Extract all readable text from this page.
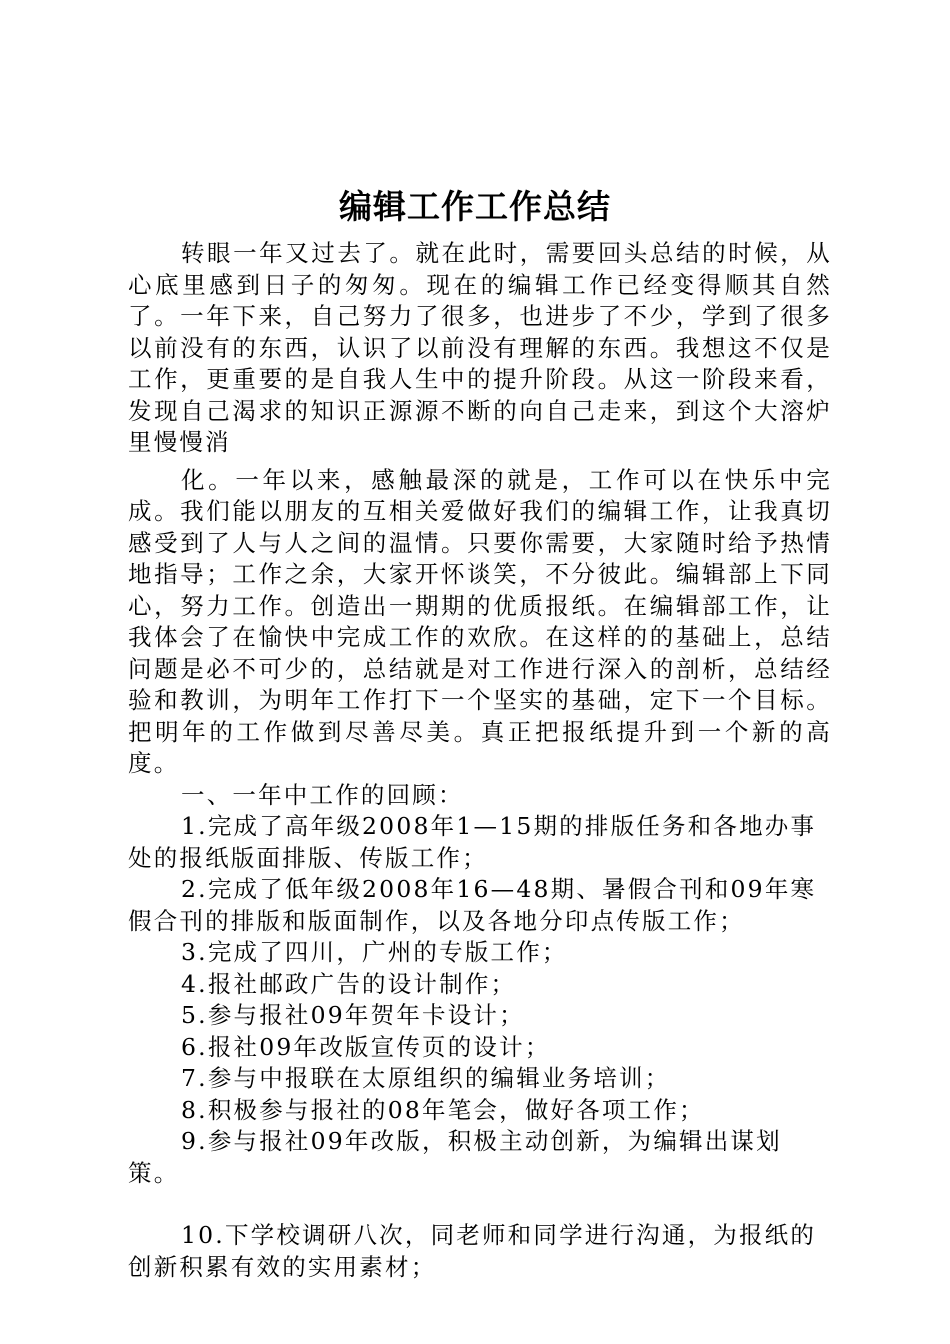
编辑工作工作总结

转眼一年又过去了。就在此时，需要回头总结的时候，从心底里感到日子的匆匆。现在的编辑工作已经变得顺其自然了。一年下来，自己努力了很多，也进步了不少，学到了很多以前没有的东西，认识了以前没有理解的东西。我想这不仅是工作，更重要的是自我人生中的提升阶段。从这一阶段来看，发现自己渴求的知识正源源不断的向自己走来，到这个大溶炉里慢慢消

化。一年以来，感触最深的就是，工作可以在快乐中完成。我们能以朋友的互相关爱做好我们的编辑工作，让我真切感受到了人与人之间的温情。只要你需要，大家随时给予热情地指导；工作之余，大家开怀谈笑，不分彼此。编辑部上下同心，努力工作。创造出一期期的优质报纸。在编辑部工作，让我体会了在愉快中完成工作的欢欣。在这样的的基础上，总结问题是必不可少的，总结就是对工作进行深入的剖析，总结经验和教训，为明年工作打下一个坚实的基础，定下一个目标。把明年的工作做到尽善尽美。真正把报纸提升到一个新的高度。

一、一年中工作的回顾：

1.完成了高年级2008年1—15期的排版任务和各地办事处的报纸版面排版、传版工作；

2.完成了低年级2008年16—48期、暑假合刊和09年寒假合刊的排版和版面制作，以及各地分印点传版工作；

3.完成了四川，广州的专版工作；

4.报社邮政广告的设计制作；

5.参与报社09年贺年卡设计；

6.报社09年改版宣传页的设计；

7.参与中报联在太原组织的编辑业务培训；

8.积极参与报社的08年笔会，做好各项工作；

9.参与报社09年改版，积极主动创新，为编辑出谋划策。

10.下学校调研八次，同老师和同学进行沟通，为报纸的创新积累有效的实用素材；
